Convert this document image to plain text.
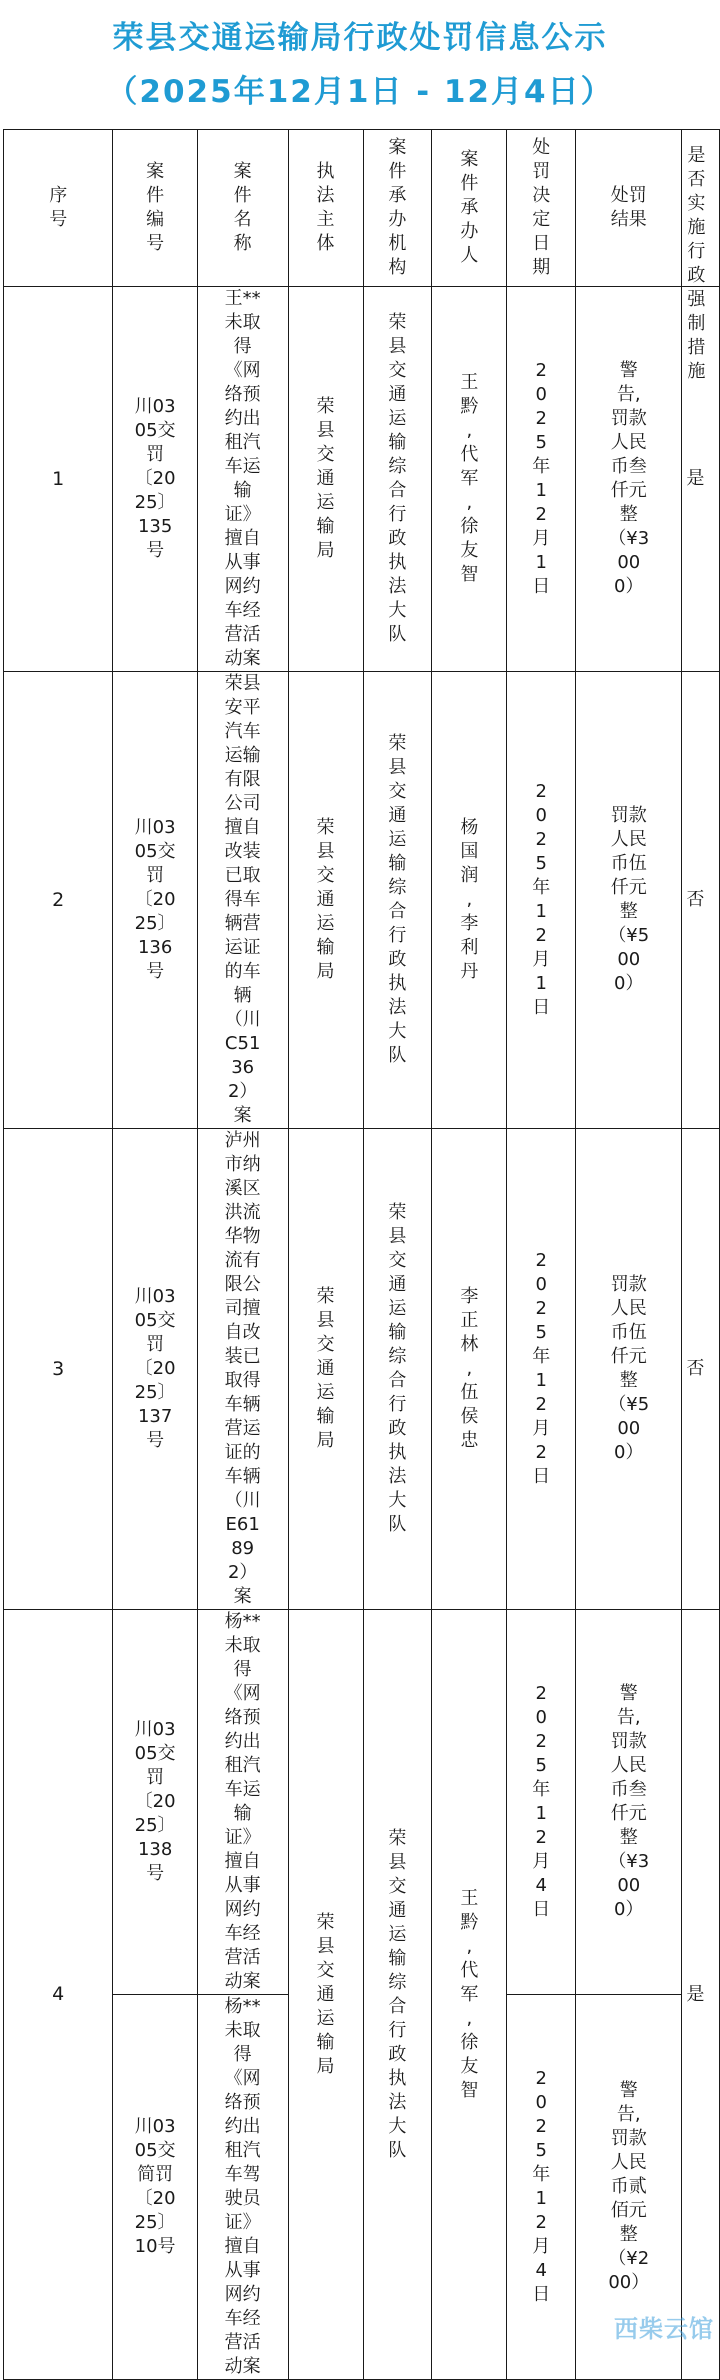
荣县交通运输局行政处罚信息公示
（2025年12月1日 - 12月4日）
序号	案件编号	案件名称	执法主体	案件承办机构	案件承办人	处罚决定日期	处罚结果	是否实施行政强制措施

1	川0305交罚〔2025〕135号	王**未取得《网络预约出租汽车运输证》擅自从事网约车经营活动案	荣县交通运输局	荣县交通运输综合行政执法大队	王黔,代军,徐友智	2025年12月1日	警告,罚款人民币叁仟元整（¥3000）	是

2	川0305交罚〔2025〕136号	荣县安平汽车运输有限公司擅自改装已取得车辆营运证的车辆（川C51362）案	荣县交通运输局	荣县交通运输综合行政执法大队	杨国润,李利丹	2025年12月1日	罚款人民币伍仟元整（¥5000）	否

3	川0305交罚〔2025〕137号	泸州市纳溪区洪流华物流有限公司擅自改装已取得车辆营运证的车辆（川E61892）案	荣县交通运输局	荣县交通运输综合行政执法大队	李正林,伍侯忠	2025年12月2日	罚款人民币伍仟元整（¥5000）	否

4	川0305交罚〔2025〕138号	杨**未取得《网络预约出租汽车运输证》擅自从事网约车经营活动案	荣县交通运输局	荣县交通运输综合行政执法大队	王黔,代军,徐友智	2025年12月4日	警告,罚款人民币叁仟元整（¥3000）	是

	川0305交简罚〔2025〕10号	杨**未取得《网络预约出租汽车驾驶员证》擅自从事网约车经营活动案				2025年12月4日	警告,罚款人民币贰佰元整（¥200）	
西柴云馆
